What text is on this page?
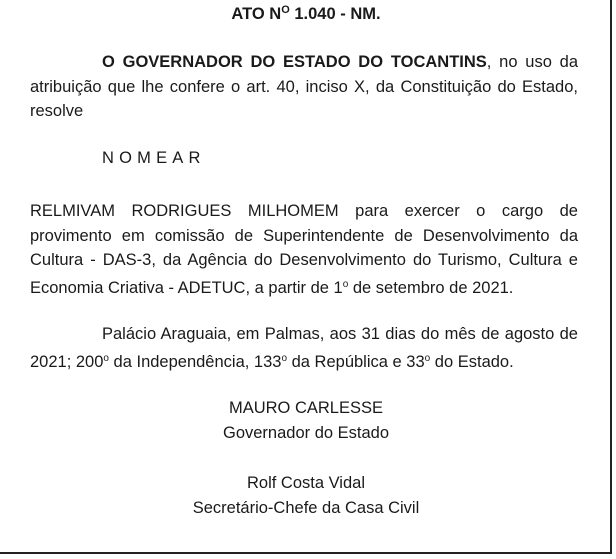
ATO $N^O$ 1.040 - NM.
O GOVERNADOR DO ESTADO DO TOCANTINS, no uso da atribuição que lhe confere o art. 40, inciso X, da Constituição do Estado, resolve
NOMEAR
RELMIVAM RODRIGUES MILHOMEM para exercer o cargo de provimento em comissão de Superintendente de Desenvolvimento da Cultura - DAS-3, da Agência do Desenvolvimento do Turismo, Cultura e Economia Criativa - ADETUC, a partir de 1$^o$ de setembro de 2021.
Palácio Araguaia, em Palmas, aos 31 dias do mês de agosto de 2021; 200$^o$ da Independência, 133$^o$ da República e 33$^o$ do Estado.
MAURO CARLESSE
Governador do Estado
Rolf Costa Vidal
Secretário-Chefe da Casa Civil
